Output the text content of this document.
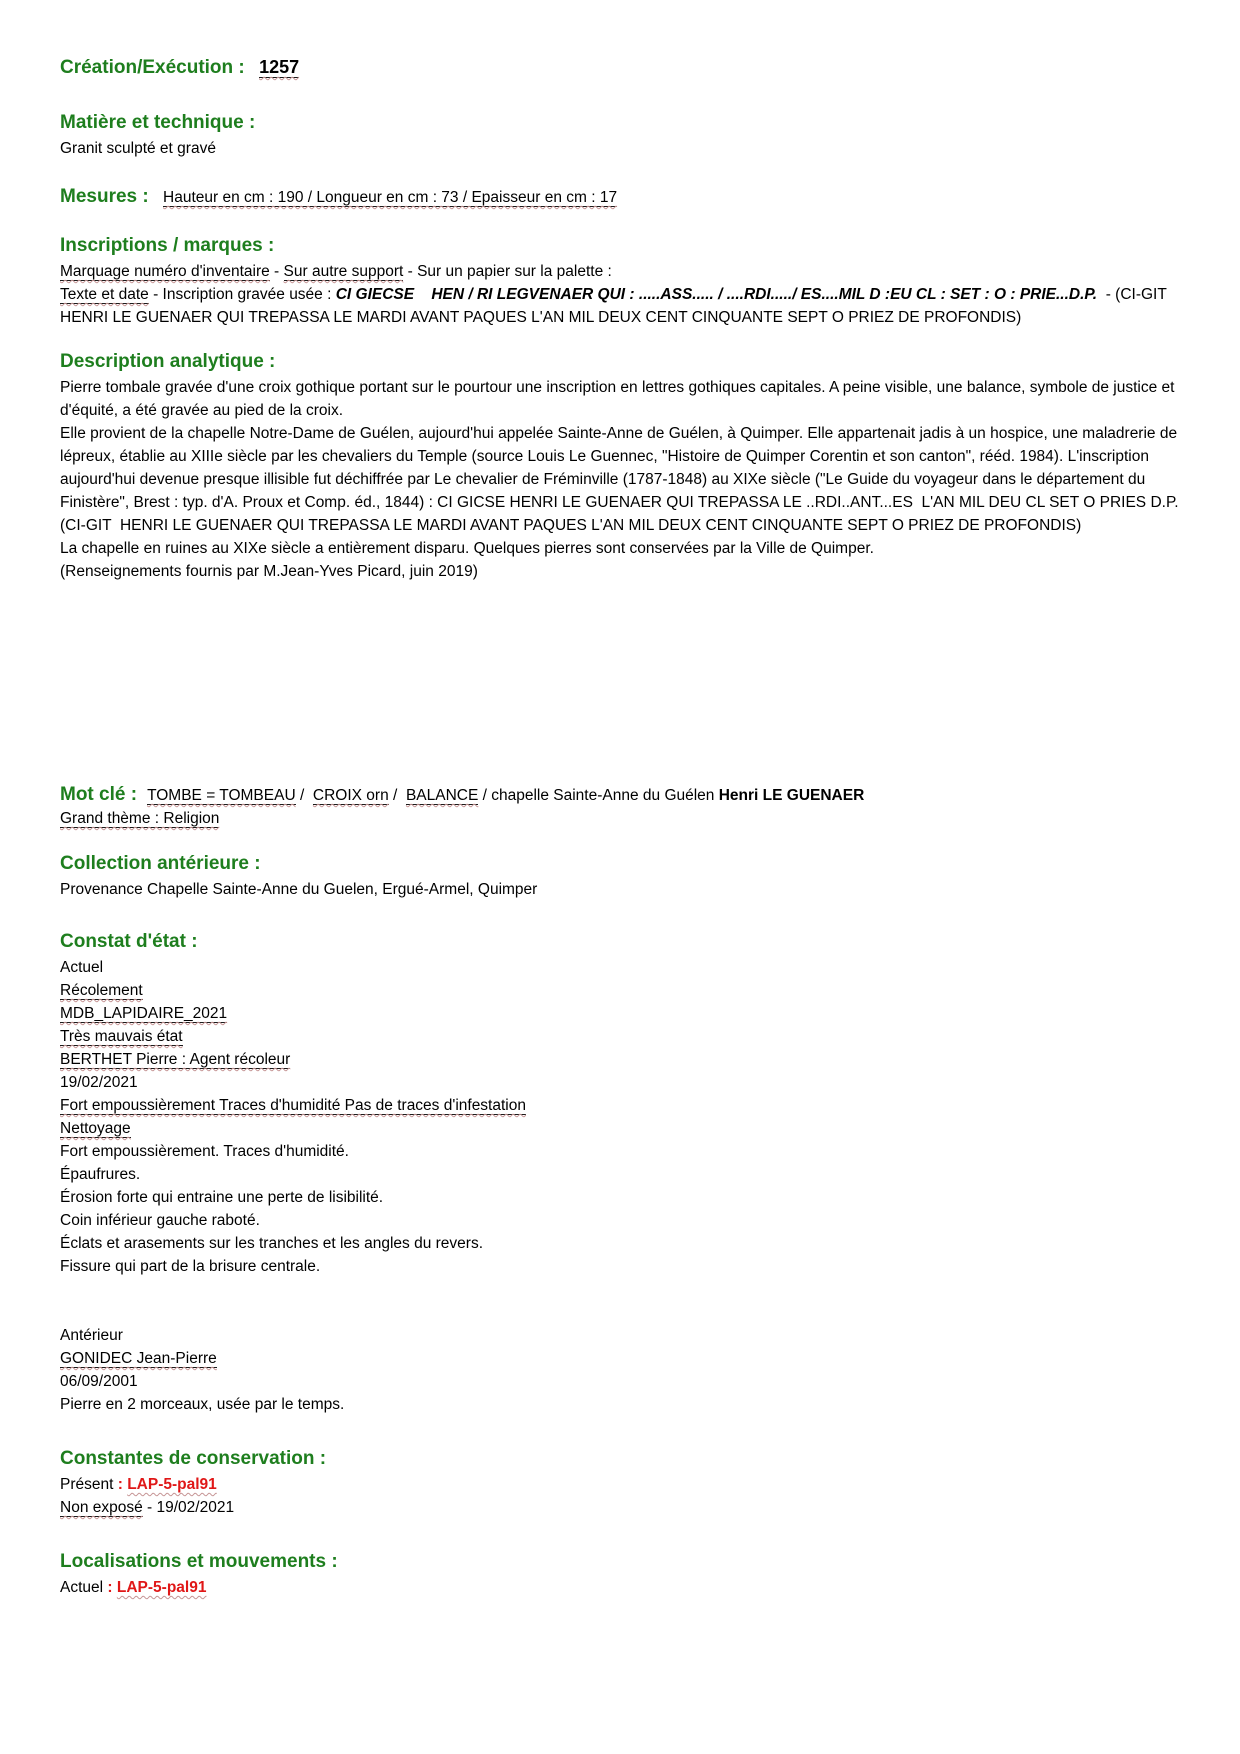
Création/Exécution : 1257
Matière et technique :
Granit sculpté et gravé
Mesures : Hauteur en cm : 190 / Longueur en cm : 73 / Epaisseur en cm : 17
Inscriptions / marques :
Marquage numéro d'inventaire - Sur autre support - Sur un papier sur la palette :
Texte et date - Inscription gravée usée : CI GIECSE    HEN / RI LEGVENAER QUI : .....ASS..... / ....RDI...../ ES....MIL D :EU CL : SET : O : PRIE...D.P.  - (CI-GIT  HENRI LE GUENAER QUI TREPASSA LE MARDI AVANT PAQUES L'AN MIL DEUX CENT CINQUANTE SEPT O PRIEZ DE PROFONDIS)
Description analytique :
Pierre tombale gravée d'une croix gothique portant sur le pourtour une inscription en lettres gothiques capitales. A peine visible, une balance, symbole de justice et d'équité, a été gravée au pied de la croix.
Elle provient de la chapelle Notre-Dame de Guélen, aujourd'hui appelée Sainte-Anne de Guélen, à Quimper. Elle appartenait jadis à un hospice, une maladrerie de lépreux, établie au XIIIe siècle par les chevaliers du Temple (source Louis Le Guennec, "Histoire de Quimper Corentin et son canton", rééd. 1984). L'inscription aujourd'hui devenue presque illisible fut déchiffrée par Le chevalier de Fréminville (1787-1848) au XIXe siècle ("Le Guide du voyageur dans le département du Finistère", Brest : typ. d'A. Proux et Comp. éd., 1844) : CI GICSE HENRI LE GUENAER QUI TREPASSA LE ..RDI..ANT...ES  L'AN MIL DEU CL SET O PRIES D.P. (CI-GIT  HENRI LE GUENAER QUI TREPASSA LE MARDI AVANT PAQUES L'AN MIL DEUX CENT CINQUANTE SEPT O PRIEZ DE PROFONDIS)
La chapelle en ruines au XIXe siècle a entièrement disparu. Quelques pierres sont conservées par la Ville de Quimper.
(Renseignements fournis par M.Jean-Yves Picard, juin 2019)
Mot clé : TOMBE = TOMBEAU /  CROIX orn /  BALANCE / chapelle Sainte-Anne du Guélen Henri LE GUENAER
Grand thème : Religion
Collection antérieure :
Provenance Chapelle Sainte-Anne du Guelen, Ergué-Armel, Quimper
Constat d'état :
Actuel
Récolement
MDB_LAPIDAIRE_2021
Très mauvais état
BERTHET Pierre : Agent récoleur
19/02/2021
Fort empoussièrement Traces d'humidité Pas de traces d'infestation
Nettoyage
Fort empoussièrement. Traces d'humidité.
Épaufrures.
Érosion forte qui entraine une perte de lisibilité.
Coin inférieur gauche raboté.
Éclats et arasements sur les tranches et les angles du revers.
Fissure qui part de la brisure centrale.
Antérieur
GONIDEC Jean-Pierre
06/09/2001
Pierre en 2 morceaux, usée par le temps.
Constantes de conservation :
Présent : LAP-5-pal91
Non exposé - 19/02/2021
Localisations et mouvements :
Actuel : LAP-5-pal91
